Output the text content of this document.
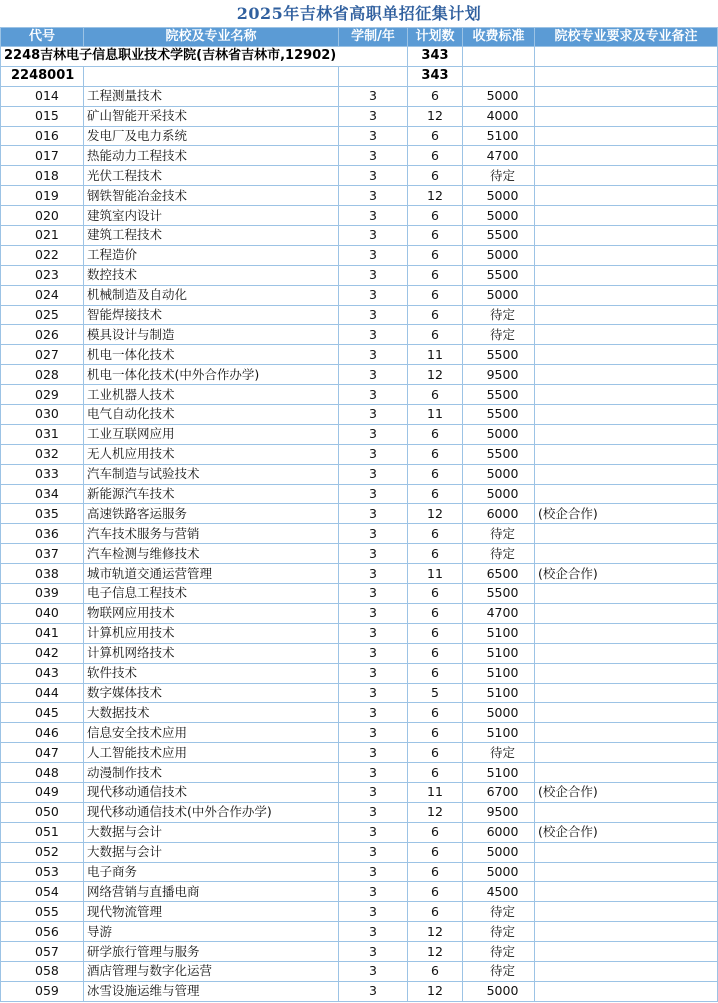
2025年吉林省高职单招征集计划
代号	院校及专业名称	学制/年	计划数	收费标准	院校专业要求及专业备注
2248吉林电子信息职业技术学院(吉林省吉林市,12902)			343		
2248001			343		
014	工程测量技术	3	6	5000	
015	矿山智能开采技术	3	12	4000	
016	发电厂及电力系统	3	6	5100	
017	热能动力工程技术	3	6	4700	
018	光伏工程技术	3	6	待定	
019	钢铁智能冶金技术	3	12	5000	
020	建筑室内设计	3	6	5000	
021	建筑工程技术	3	6	5500	
022	工程造价	3	6	5000	
023	数控技术	3	6	5500	
024	机械制造及自动化	3	6	5000	
025	智能焊接技术	3	6	待定	
026	模具设计与制造	3	6	待定	
027	机电一体化技术	3	11	5500	
028	机电一体化技术(中外合作办学)	3	12	9500	
029	工业机器人技术	3	6	5500	
030	电气自动化技术	3	11	5500	
031	工业互联网应用	3	6	5000	
032	无人机应用技术	3	6	5500	
033	汽车制造与试验技术	3	6	5000	
034	新能源汽车技术	3	6	5000	
035	高速铁路客运服务	3	12	6000	(校企合作)
036	汽车技术服务与营销	3	6	待定	
037	汽车检测与维修技术	3	6	待定	
038	城市轨道交通运营管理	3	11	6500	(校企合作)
039	电子信息工程技术	3	6	5500	
040	物联网应用技术	3	6	4700	
041	计算机应用技术	3	6	5100	
042	计算机网络技术	3	6	5100	
043	软件技术	3	6	5100	
044	数字媒体技术	3	5	5100	
045	大数据技术	3	6	5000	
046	信息安全技术应用	3	6	5100	
047	人工智能技术应用	3	6	待定	
048	动漫制作技术	3	6	5100	
049	现代移动通信技术	3	11	6700	(校企合作)
050	现代移动通信技术(中外合作办学)	3	12	9500	
051	大数据与会计	3	6	6000	(校企合作)
052	大数据与会计	3	6	5000	
053	电子商务	3	6	5000	
054	网络营销与直播电商	3	6	4500	
055	现代物流管理	3	6	待定	
056	导游	3	12	待定	
057	研学旅行管理与服务	3	12	待定	
058	酒店管理与数字化运营	3	6	待定	
059	冰雪设施运维与管理	3	12	5000	
